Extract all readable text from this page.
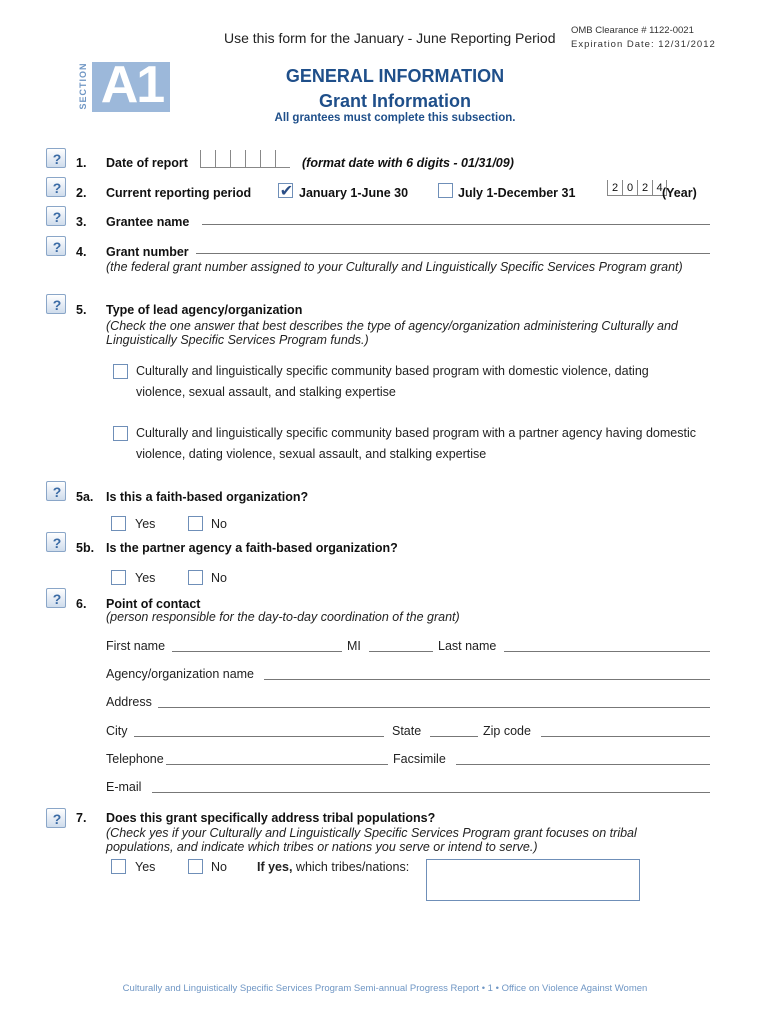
Use this form for the January - June Reporting Period OMB Clearance # 1122-0021
Expiration Date: 12/31/2012
SECTION A1	GENERAL INFORMATION
Grant Information
All grantees must complete this subsection.
?
1. Date of report	(format date with 6 digits - 01/31/09)
?
2. Current reporting period ✔ January 1-June 30	July 1-December 31	2 0 2 4 (Year)
?
3. Grantee name
?
4. Grant number
(the federal grant number assigned to your Culturally and Linguistically Specific Services Program grant)
?
5. Type of lead agency/organization
(Check the one answer that best describes the type of agency/organization administering Culturally and Linguistically Specific Services Program funds.)
Culturally and linguistically specific community based program with domestic violence, dating violence, sexual assault, and stalking expertise
Culturally and linguistically specific community based program with a partner agency having domestic violence, dating violence, sexual assault, and stalking expertise
?
5a. Is this a faith-based organization?
Yes	No
?
5b. Is the partner agency a faith-based organization?
Yes	No
?
6. Point of contact
(person responsible for the day-to-day coordination of the grant)
First name	MI	Last name
Agency/organization name
Address
City	State	Zip code
Telephone	Facsimile
E-mail
?
7. Does this grant specifically address tribal populations?
(Check yes if your Culturally and Linguistically Specific Services Program grant focuses on tribal populations, and indicate which tribes or nations you serve or intend to serve.)
Yes	No If yes, which tribes/nations:
Culturally and Linguistically Specific Services Program Semi-annual Progress Report • 1 • Office on Violence Against Women
